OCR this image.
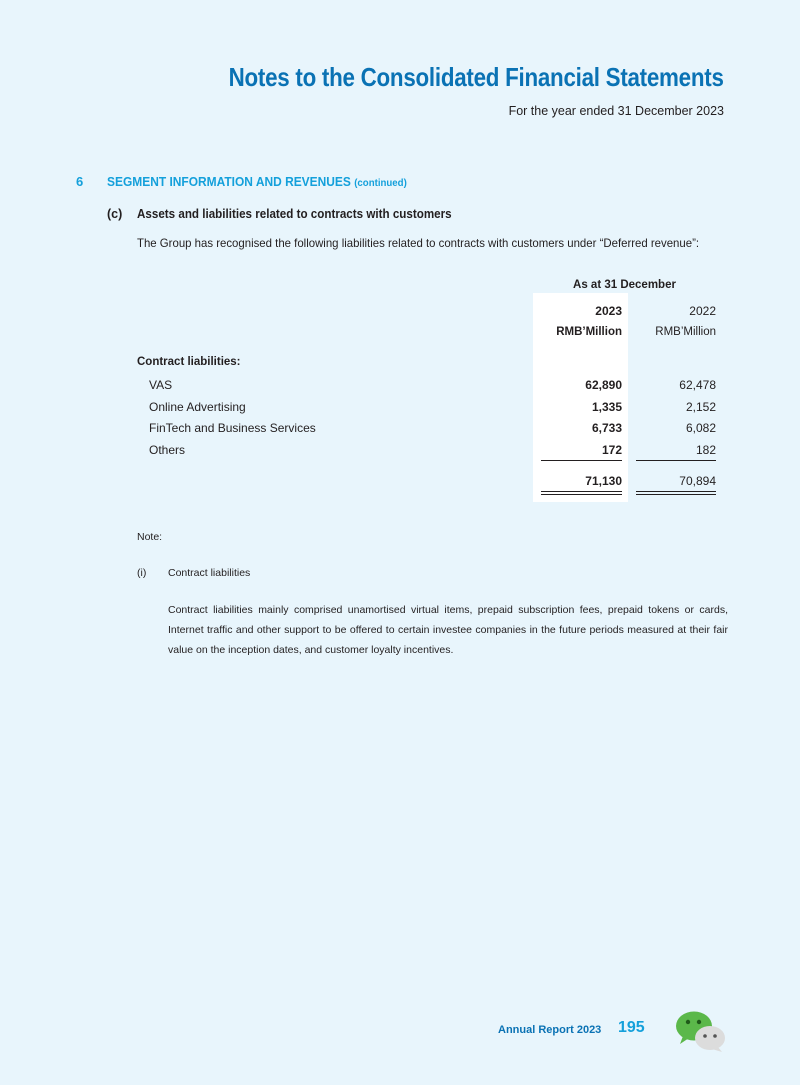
Notes to the Consolidated Financial Statements
For the year ended 31 December 2023
6 SEGMENT INFORMATION AND REVENUES (continued)
(c) Assets and liabilities related to contracts with customers
The Group has recognised the following liabilities related to contracts with customers under “Deferred revenue”:
As at 31 December
2023	2022
RMB’Million	RMB’Million
Contract liabilities:
VAS	62,890	62,478
Online Advertising	1,335	2,152
FinTech and Business Services	6,733	6,082
Others	172	182
71,130	70,894
Note:
(i) Contract liabilities
Contract liabilities mainly comprised unamortised virtual items, prepaid subscription fees, prepaid tokens or cards, Internet traffic and other support to be offered to certain investee companies in the future periods measured at their fair value on the inception dates, and customer loyalty incentives.
Annual Report 2023 195
